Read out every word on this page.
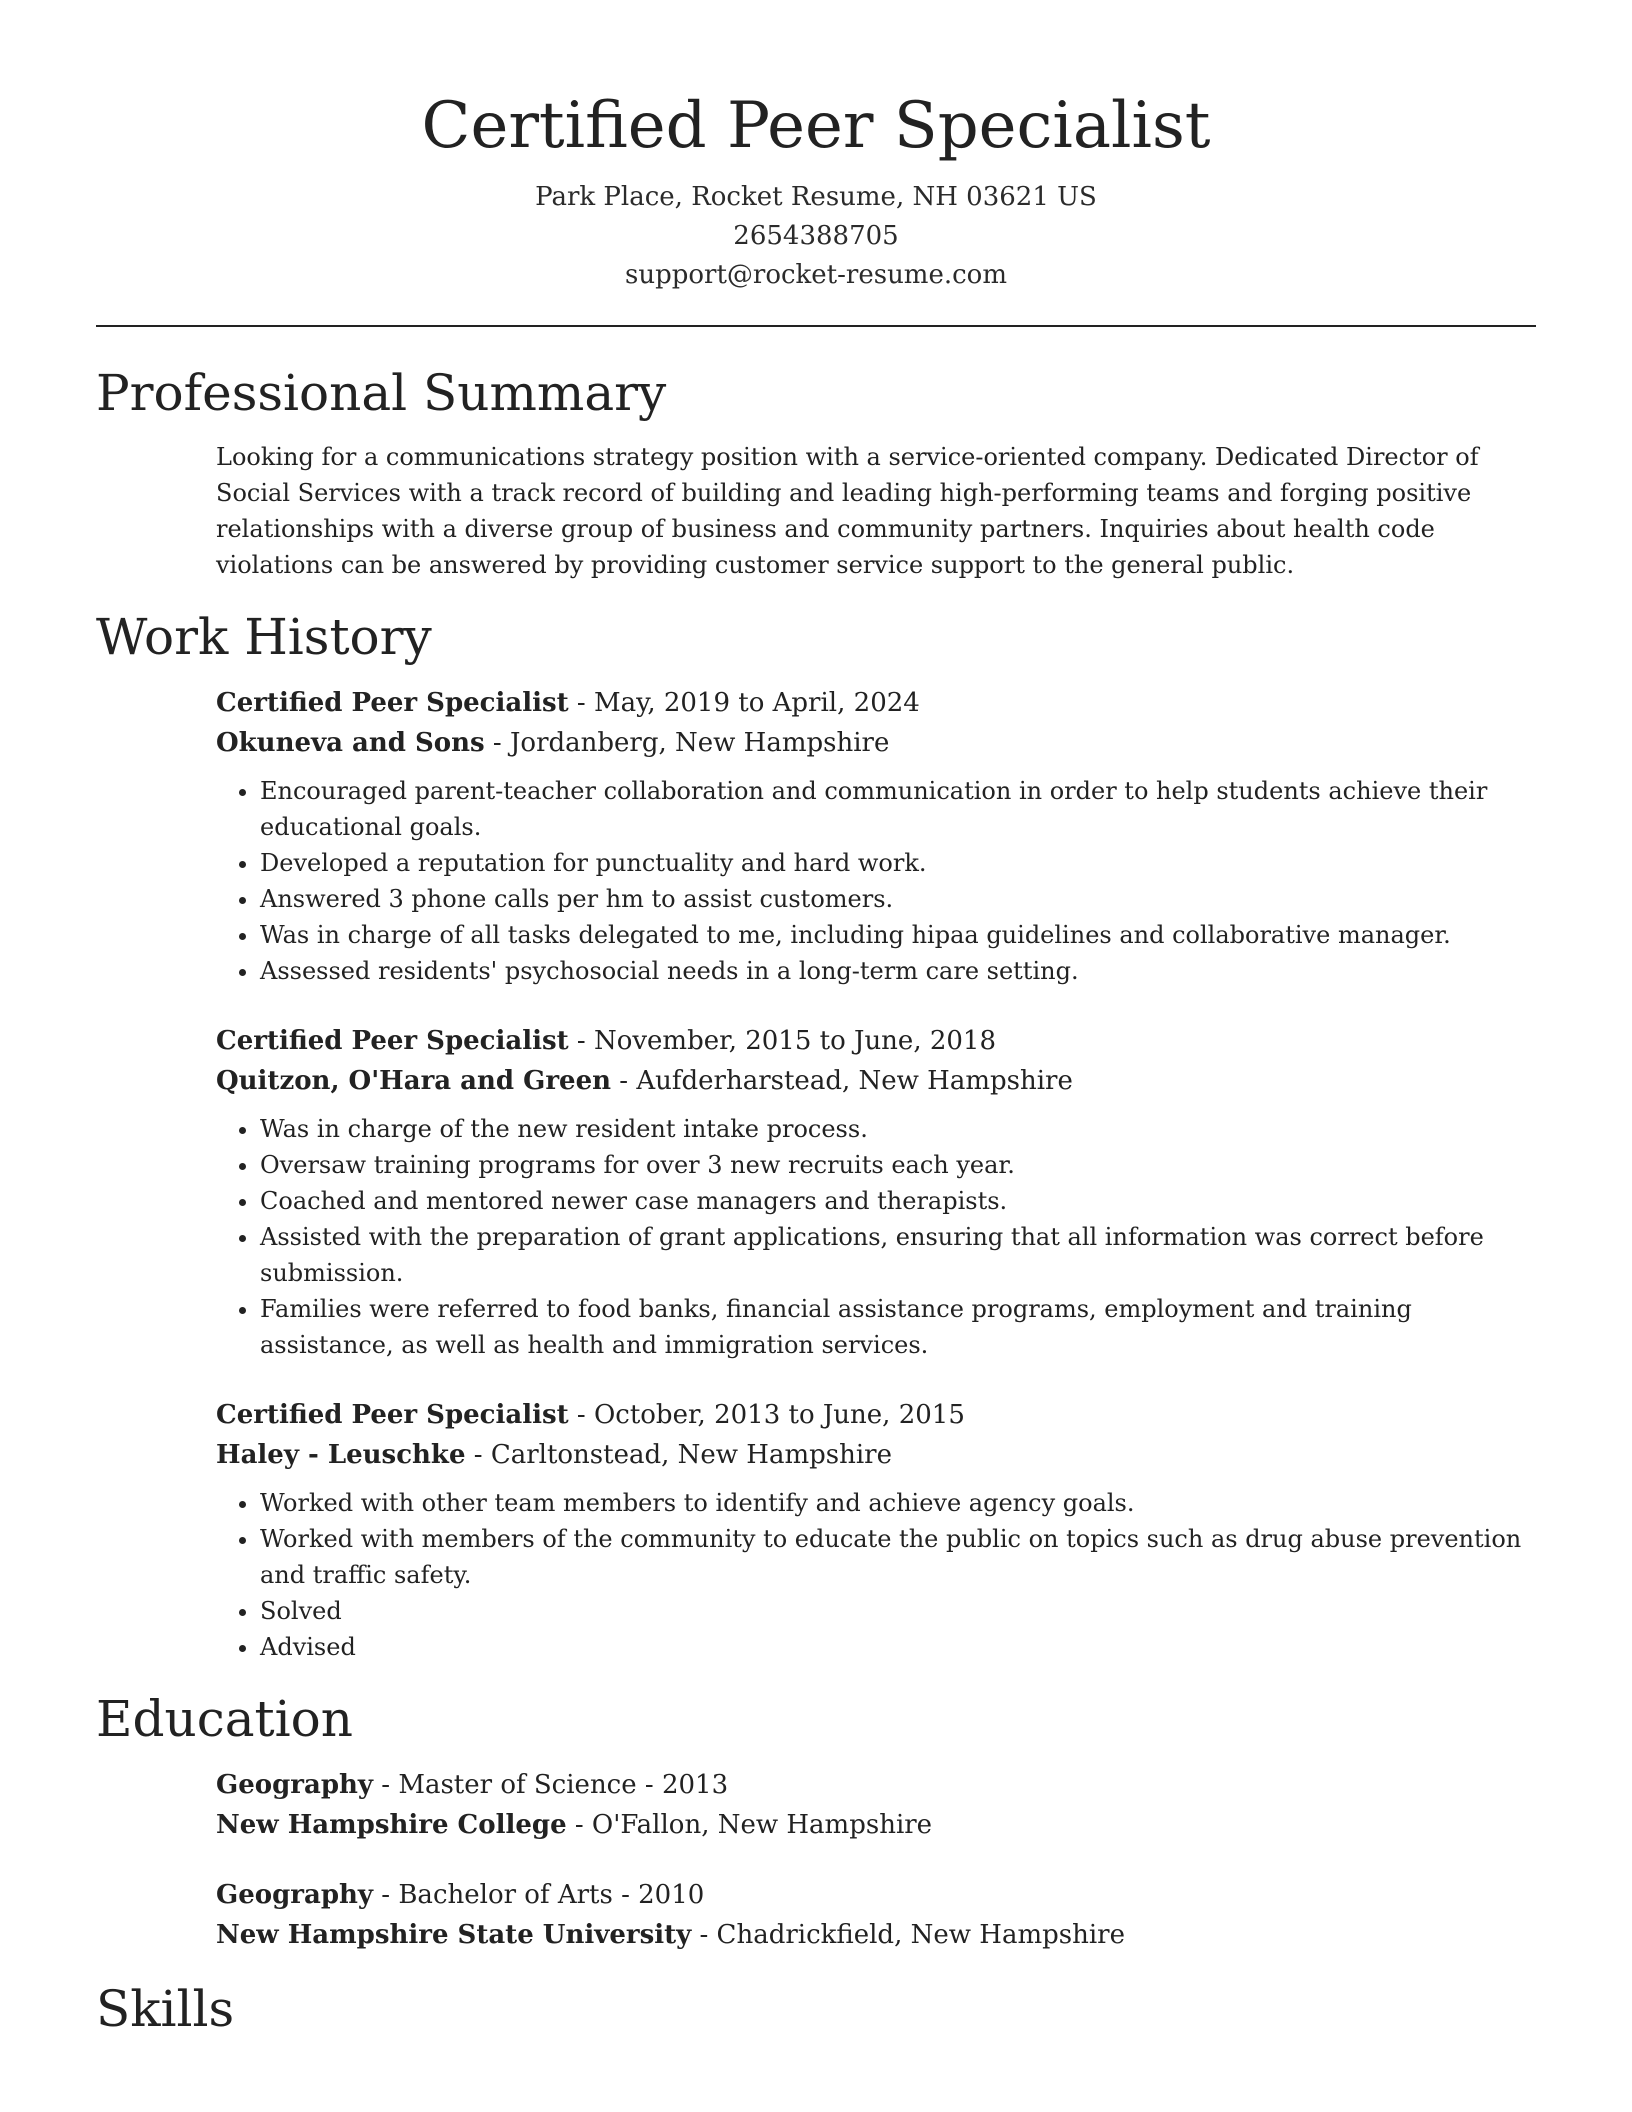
Certified Peer Specialist
Park Place, Rocket Resume, NH 03621 US
2654388705
support@rocket-resume.com
Professional Summary
Looking for a communications strategy position with a service-oriented company. Dedicated Director of Social Services with a track record of building and leading high-performing teams and forging positive relationships with a diverse group of business and community partners. Inquiries about health code violations can be answered by providing customer service support to the general public.
Work History
Certified Peer Specialist - May, 2019 to April, 2024
Okuneva and Sons - Jordanberg, New Hampshire
• Encouraged parent-teacher collaboration and communication in order to help students achieve their educational goals.
• Developed a reputation for punctuality and hard work.
• Answered 3 phone calls per hm to assist customers.
• Was in charge of all tasks delegated to me, including hipaa guidelines and collaborative manager.
• Assessed residents' psychosocial needs in a long-term care setting.
Certified Peer Specialist - November, 2015 to June, 2018
Quitzon, O'Hara and Green - Aufderharstead, New Hampshire
• Was in charge of the new resident intake process.
• Oversaw training programs for over 3 new recruits each year.
• Coached and mentored newer case managers and therapists.
• Assisted with the preparation of grant applications, ensuring that all information was correct before submission.
• Families were referred to food banks, financial assistance programs, employment and training assistance, as well as health and immigration services.
Certified Peer Specialist - October, 2013 to June, 2015
Haley - Leuschke - Carltonstead, New Hampshire
• Worked with other team members to identify and achieve agency goals.
• Worked with members of the community to educate the public on topics such as drug abuse prevention and traffic safety.
• Solved
• Advised
Education
Geography - Master of Science - 2013
New Hampshire College - O'Fallon, New Hampshire
Geography - Bachelor of Arts - 2010
New Hampshire State University - Chadrickfield, New Hampshire
Skills
